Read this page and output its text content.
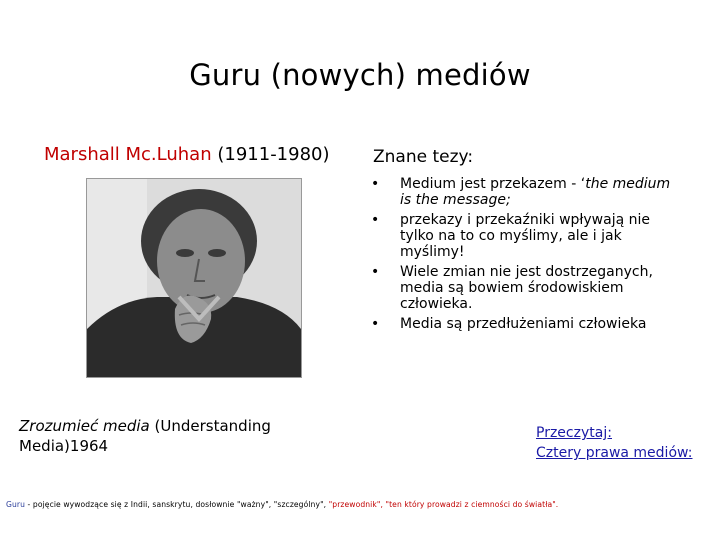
Guru (nowych) mediów
Marshall Mc.Luhan (1911-1980)
Zrozumieć media (Understanding Media)1964
Znane tezy:
• Medium jest przekazem - ‘the medium is the message;
• przekazy i przekaźniki wpływają nie tylko na to co myślimy, ale i jak myślimy!
• Wiele zmian nie jest dostrzeganych, media są bowiem środowiskiem człowieka.
• Media są przedłużeniami człowieka
Przeczytaj:
Cztery prawa mediów:
Guru - pojęcie wywodzące się z Indii, sanskrytu, dosłownie "ważny", "szczególny", "przewodnik", "ten który prowadzi z ciemności do światła".
